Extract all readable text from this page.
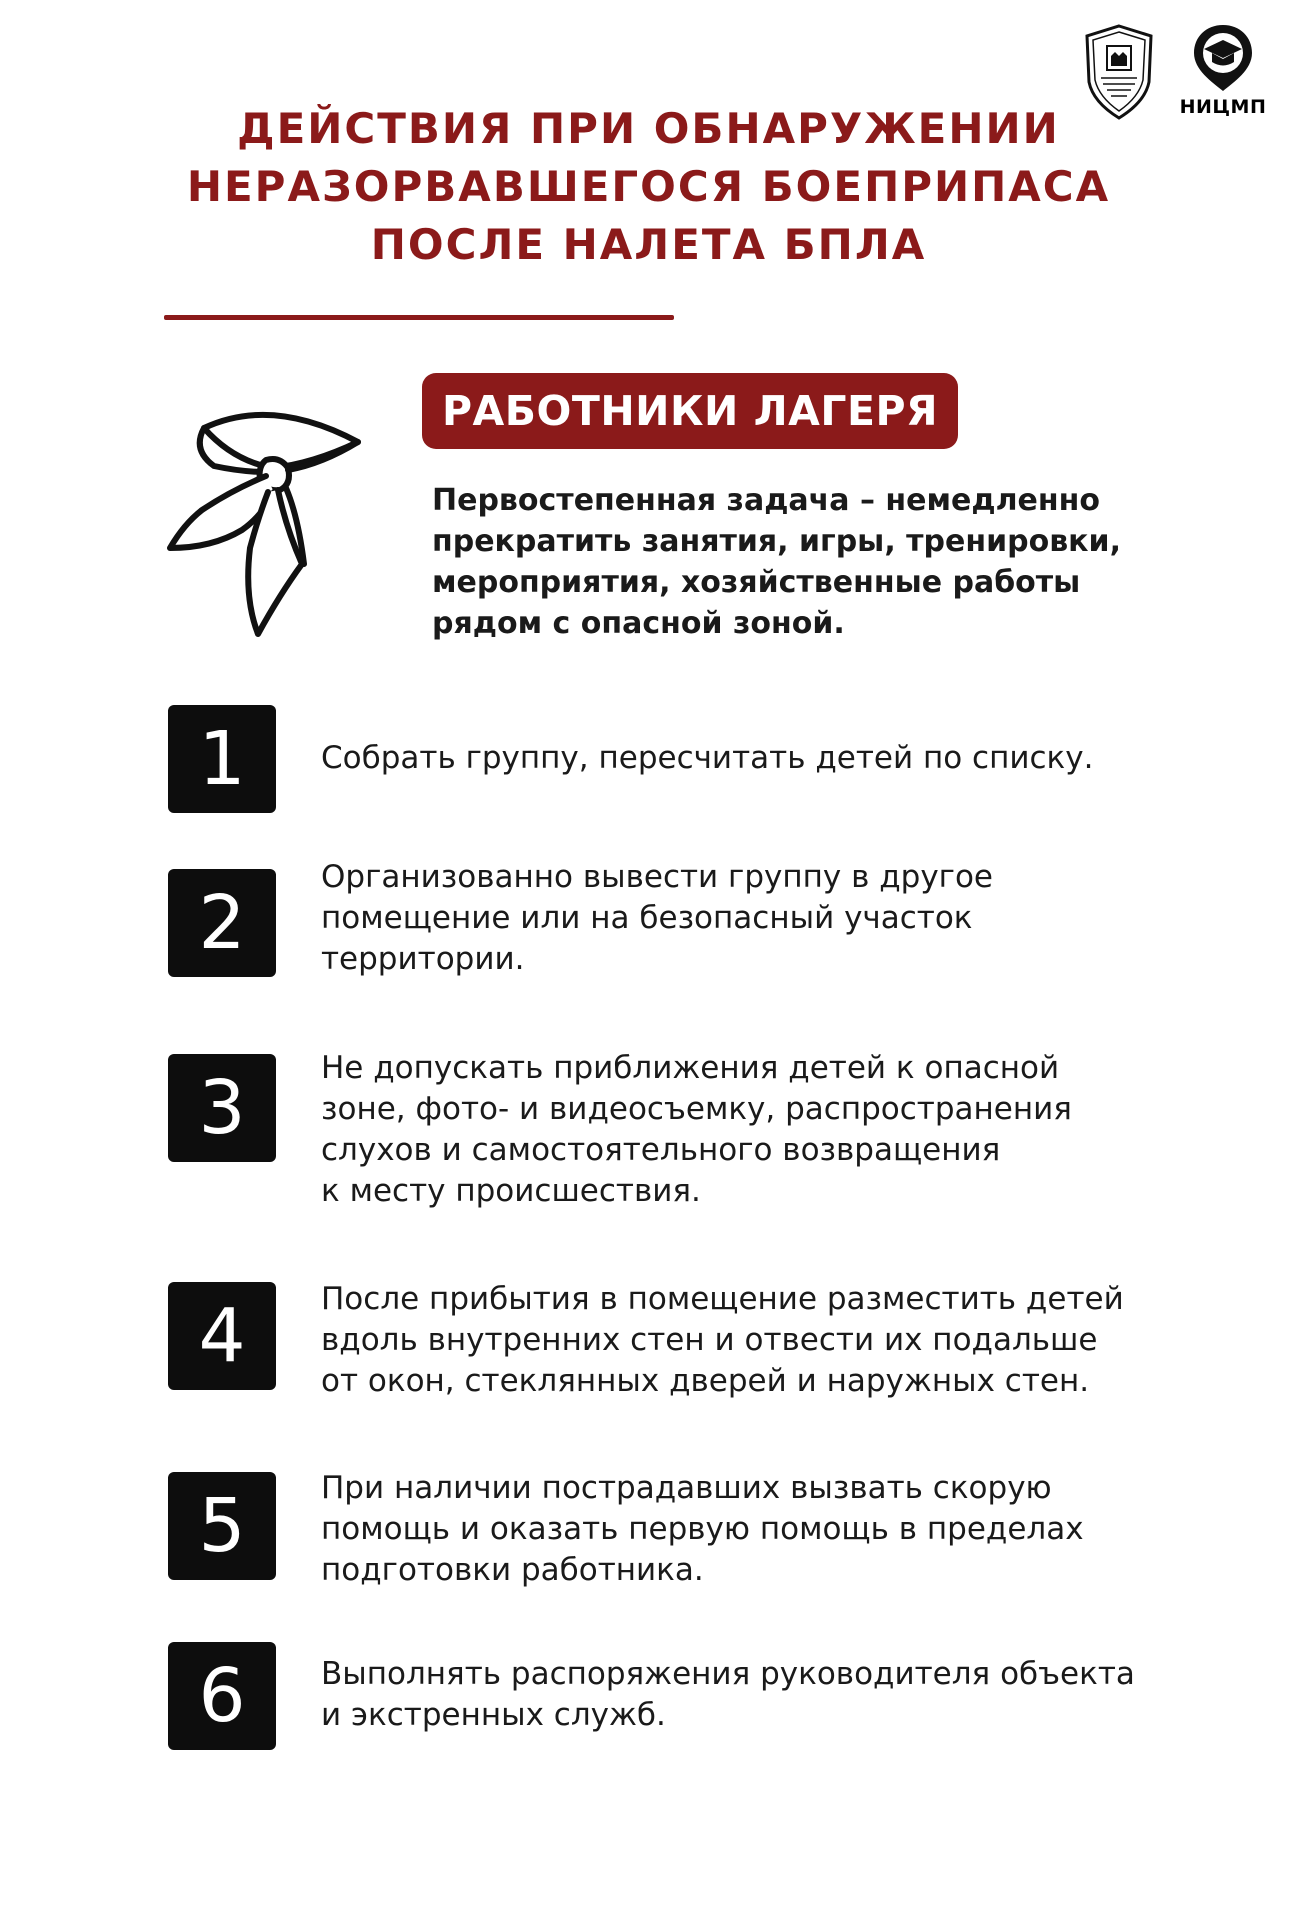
НИЦМП
ДЕЙСТВИЯ ПРИ ОБНАРУЖЕНИИ
НЕРАЗОРВАВШЕГОСЯ БОЕПРИПАСА
ПОСЛЕ НАЛЕТА БПЛА
РАБОТНИКИ ЛАГЕРЯ
Первостепенная задача – немедленно
прекратить занятия, игры, тренировки,
мероприятия, хозяйственные работы
рядом с опасной зоной.
1	Собрать группу, пересчитать детей по списку.
2
Организованно вывести группу в другое
помещение или на безопасный участок
территории.
3	Не допускать приближения детей к опасной
зоне, фото- и видеосъемку, распространения
слухов и самостоятельного возвращения
к месту происшествия.
4	После прибытия в помещение разместить детей
вдоль внутренних стен и отвести их подальше
от окон, стеклянных дверей и наружных стен.
5	При наличии пострадавших вызвать скорую
помощь и оказать первую помощь в пределах
подготовки работника.
6	Выполнять распоряжения руководителя объекта
и экстренных служб.
